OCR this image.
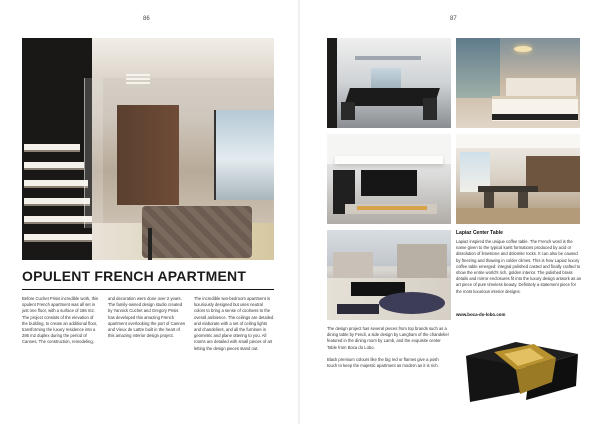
86
OPULENT FRENCH APARTMENT

Before Cuchet Prisis incredible work, this opulent French apartment was all set in just one floor, with a surface of 186 m2. The project consists of the elevation of the building, to create an additional floor, transforming the luxury residence into a 286 m2 duplex during the period of Cannes. The construction, remodeling,

and decoration were done over 2 years. The family-owned design studio created by Yannick Cuchet and Gregory Prisis has developed this amazing French apartment overlooking the port of Cannes and Vieux de Lattre built in the heart of this amazing interior design project.

The incredible two-bedroom apartment is luxuriously designed but uses neutral colors to bring a sense of coolness to the overall ambience. The ceilings are detailed and elaborate with a set of ceiling lights and chandeliers, and all the furniture is geometric and plane ottering to you. All rooms are detailed with small pieces of art letting the design pieces stand out.

87
Lapiaz Center Table

Lapiaz inspired the unique coffee table. The French word is the name given to the typical karst formations produced by acid or dissolution of limestone and dolomite rocks. It can also be caused by freezing and thawing in colder climes. This is how Lapiaz luxury coffee table emerged: integral polished casted and finally crafted to show the entire world's rich, golden interior. The polished brass details and mirror enclosures fit into the luxury design artwork as an art piece of pure timeless beauty. Definitely a statement piece for the most luxurious interior designs.

www.boca-do-lobo.com

The design project has several pieces from top brands such as a dining table by Fendi, a side design by Langham of the chandelier featured in the dining room by Lamb, and the exquisite center Table from Boca do Lobo.

Black premium colours like the big red or flames give a posh touch to keep the majestic apartment as modern as it is rich.
